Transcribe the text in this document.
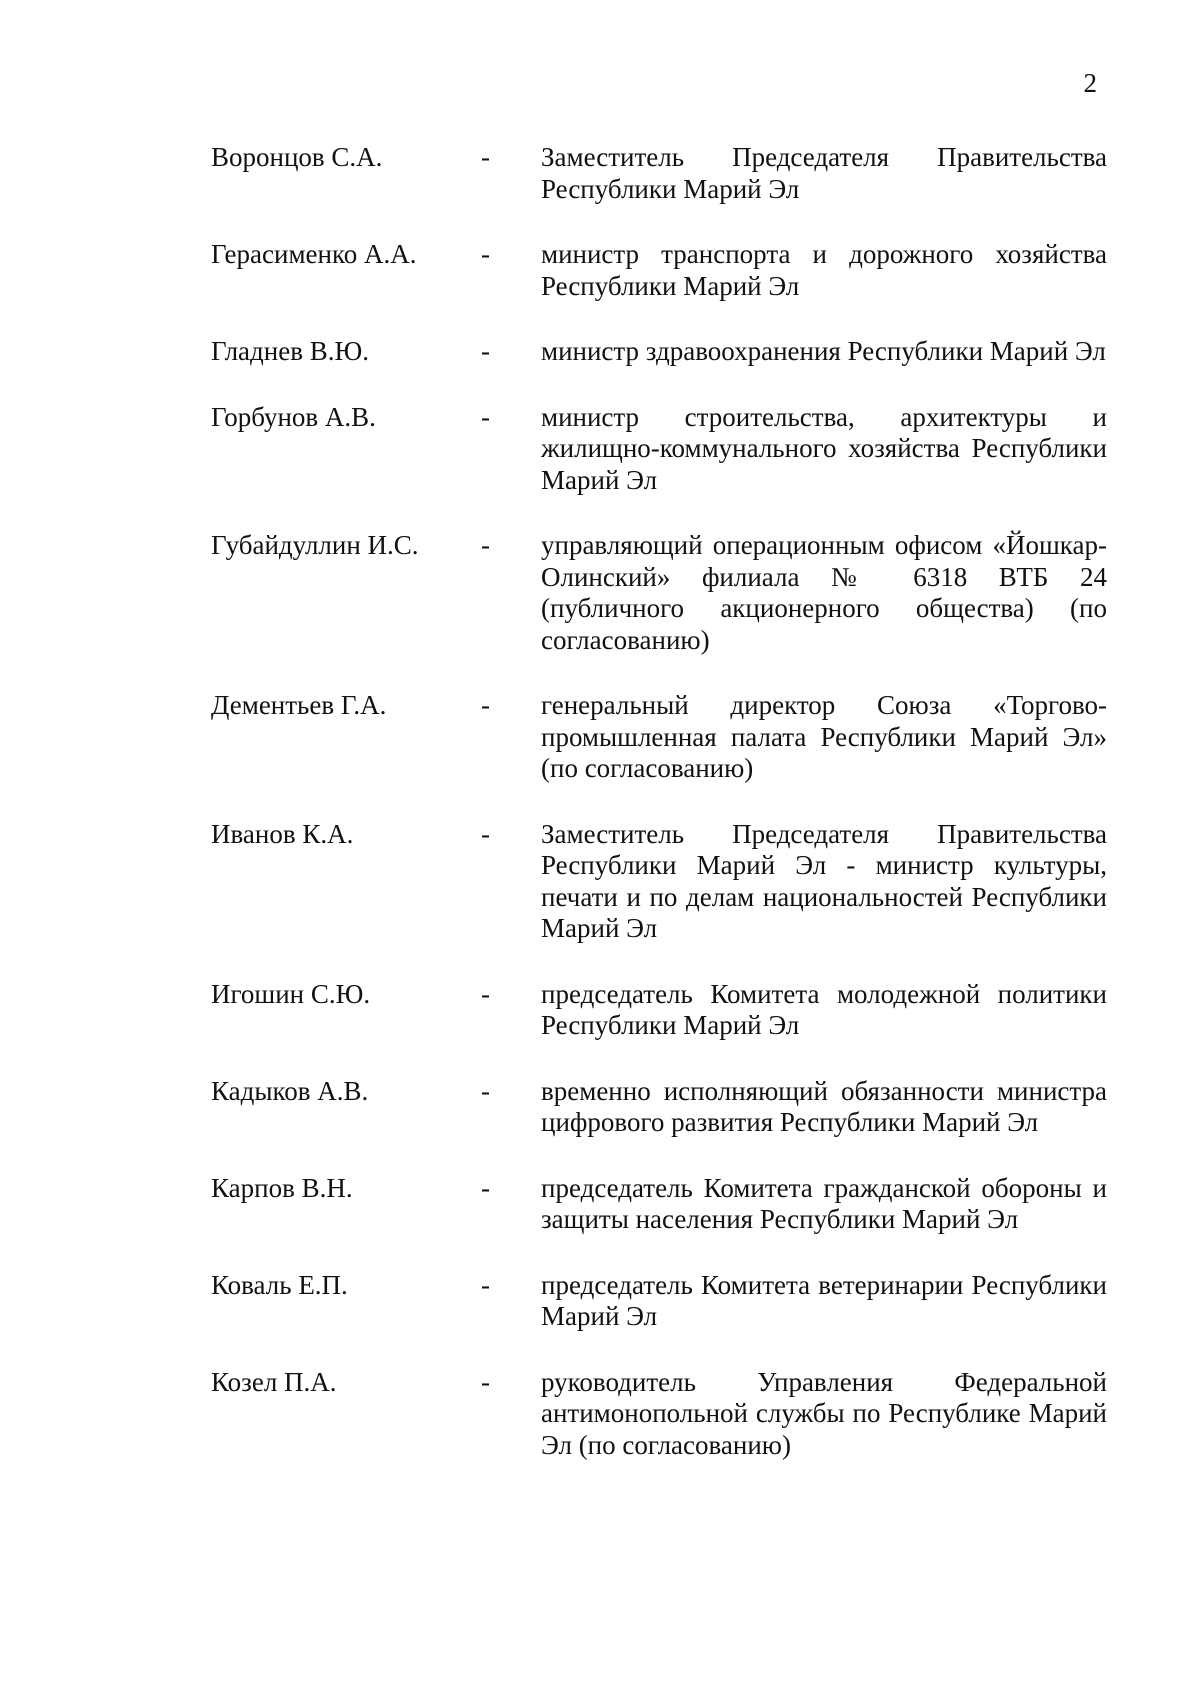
2
Воронцов С.А.	-	Заместитель Председателя Правительства Республики Марий Эл
Герасименко А.А.	-	министр транспорта и дорожного хозяйства Республики Марий Эл
Гладнев В.Ю.	-	министр здравоохранения Республики Марий Эл
Горбунов А.В.	-	министр строительства, архитектуры и жилищно-коммунального хозяйства Республики Марий Эл
Губайдуллин И.С.	-	управляющий операционным офисом «Йошкар-Олинский» филиала № 6318 ВТБ 24 (публичного акционерного общества) (по согласованию)
Дементьев Г.А.	-	генеральный директор Союза «Торгово-промышленная палата Республики Марий Эл» (по согласованию)
Иванов К.А.	-	Заместитель Председателя Правительства Республики Марий Эл - министр культуры, печати и по делам национальностей Республики Марий Эл
Игошин С.Ю.	-	председатель Комитета молодежной политики Республики Марий Эл
Кадыков А.В.	-	временно исполняющий обязанности министра цифрового развития Республики Марий Эл
Карпов В.Н.	-	председатель Комитета гражданской обороны и защиты населения Республики Марий Эл
Коваль Е.П.	-	председатель Комитета ветеринарии Республики Марий Эл
Козел П.А.	-	руководитель Управления Федеральной антимонопольной службы по Республике Марий Эл (по согласованию)
